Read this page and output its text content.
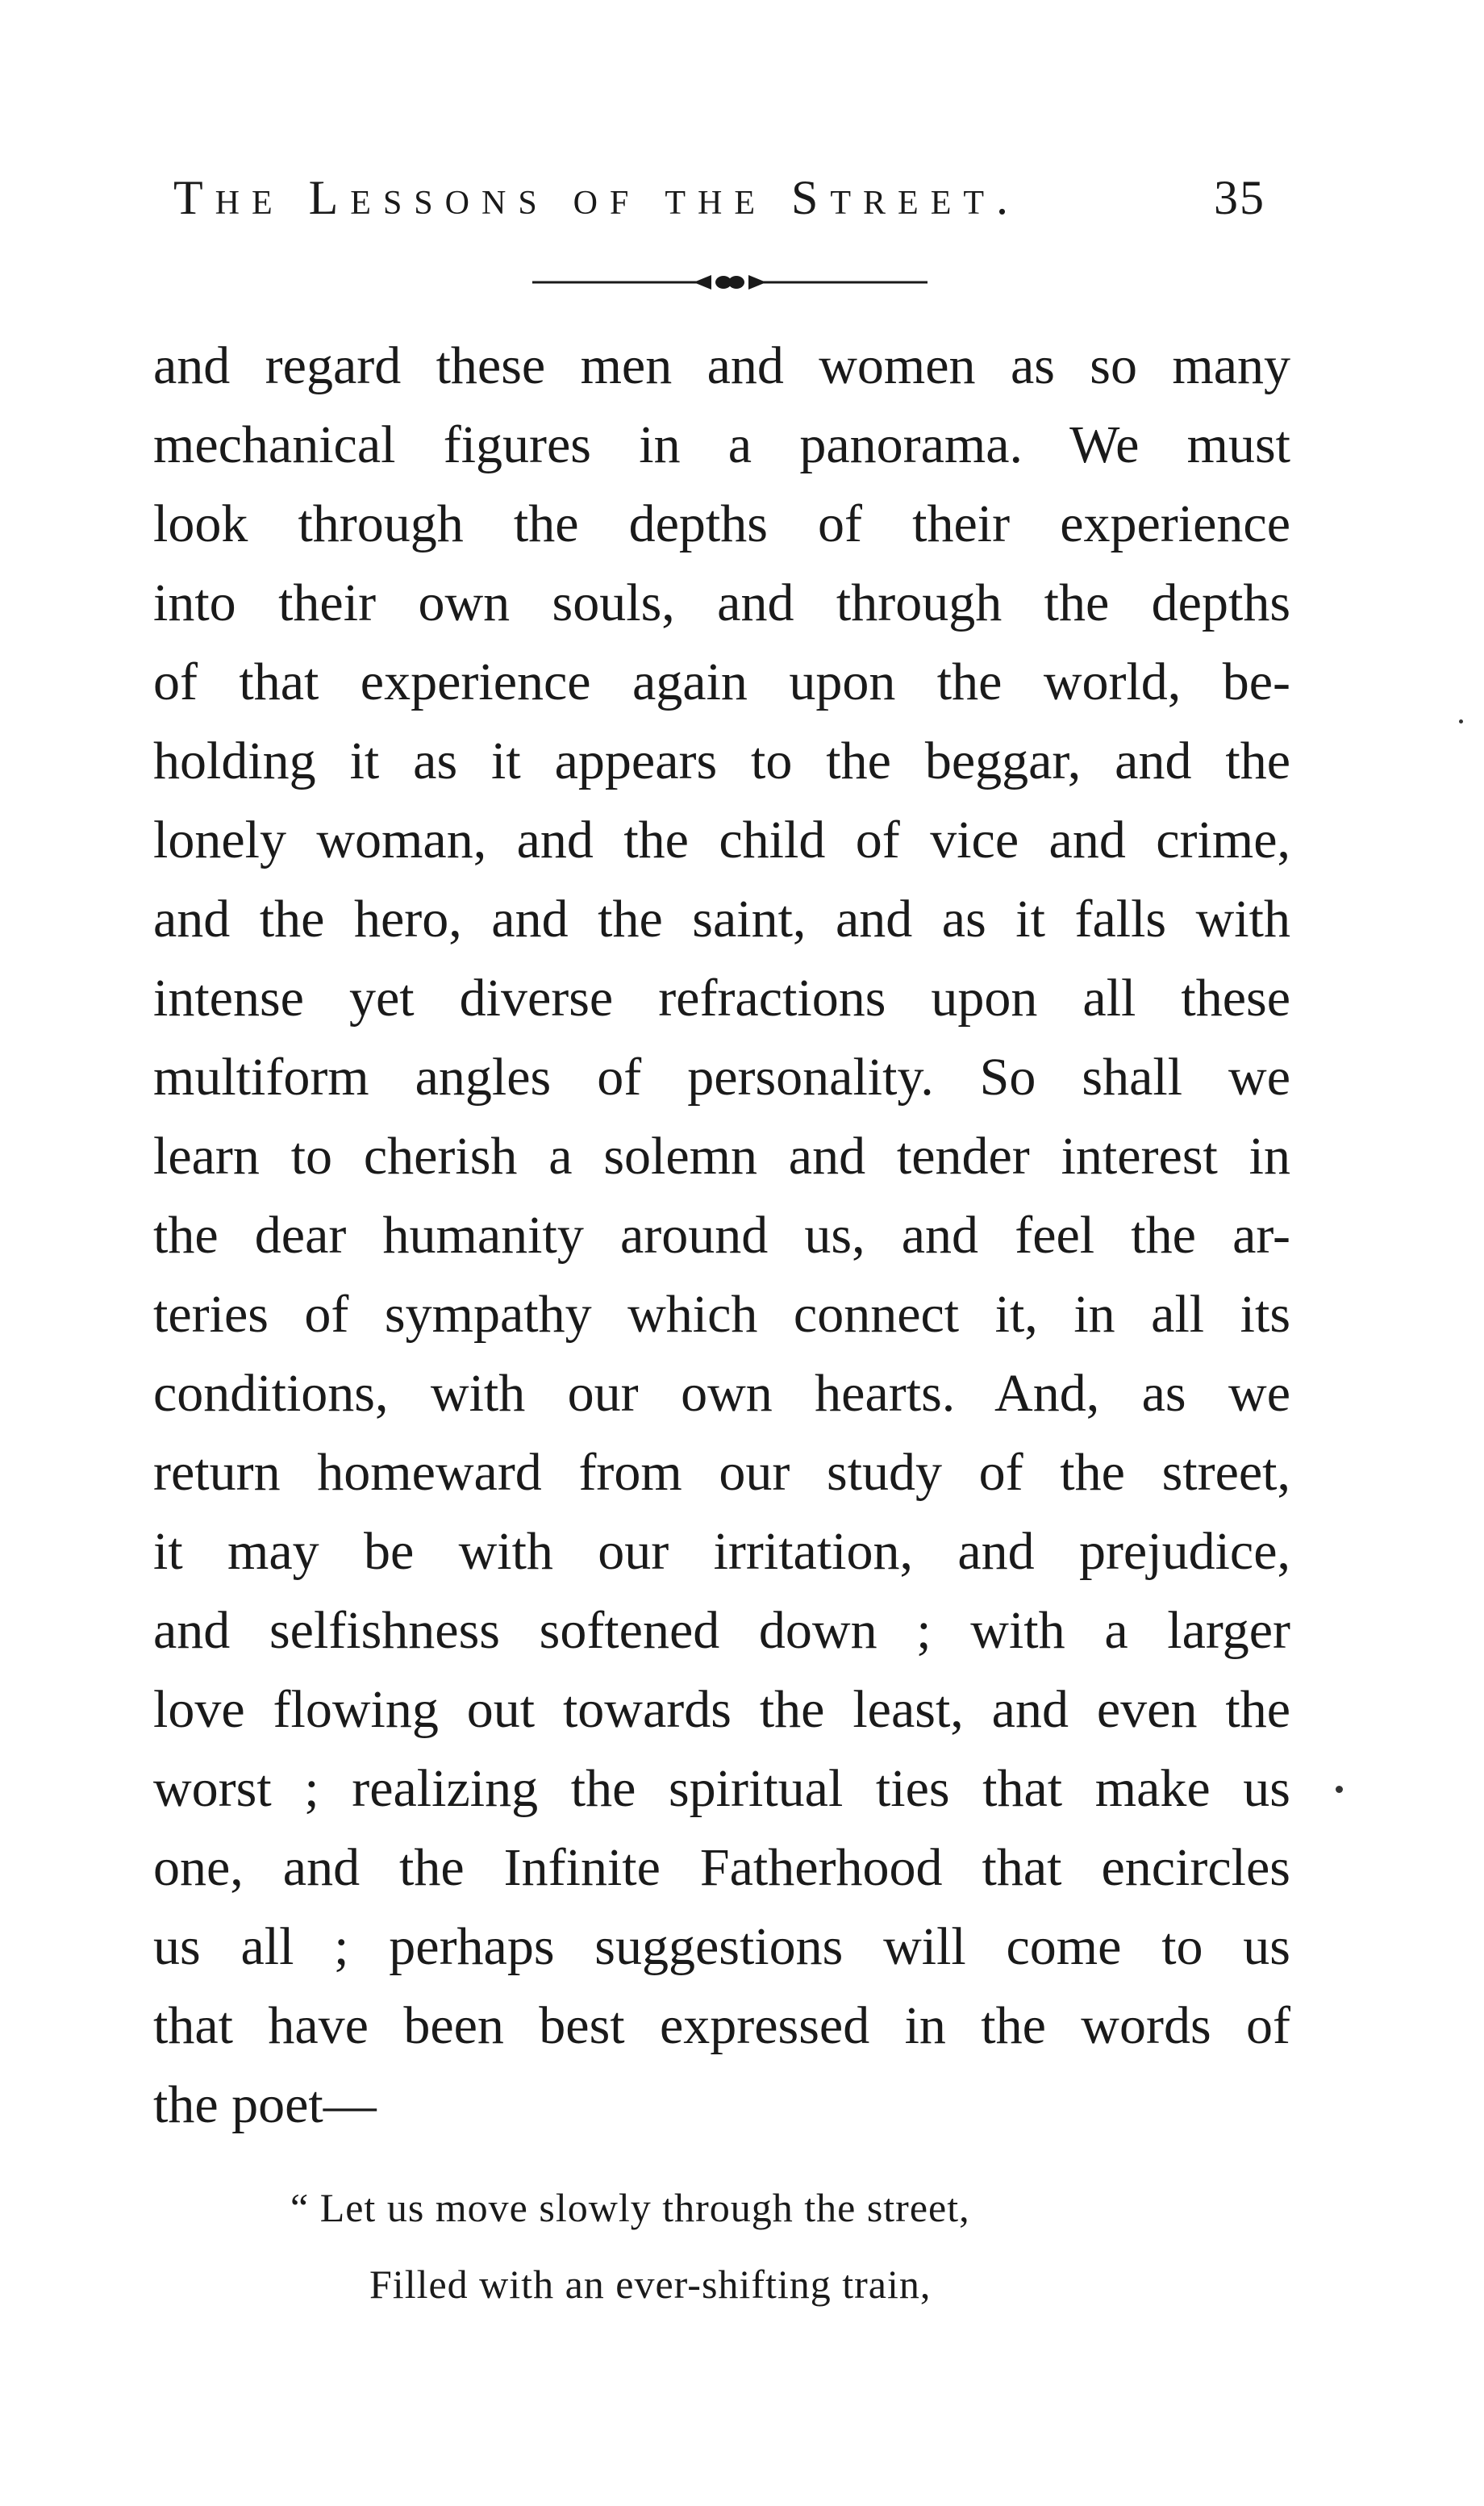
The Lessons of the Street.	35
and regard these men and women as so many
mechanical figures in a panorama. We must
look through the depths of their experience
into their own souls, and through the depths
of that experience again upon the world, be-
holding it as it appears to the beggar, and the
lonely woman, and the child of vice and crime,
and the hero, and the saint, and as it falls with
intense yet diverse refractions upon all these
multiform angles of personality. So shall we
learn to cherish a solemn and tender interest in
the dear humanity around us, and feel the ar-
teries of sympathy which connect it, in all its
conditions, with our own hearts. And, as we
return homeward from our study of the street,
it may be with our irritation, and prejudice,
and selfishness softened down ; with a larger
love flowing out towards the least, and even the
worst ; realizing the spiritual ties that make us
one, and the Infinite Fatherhood that encircles
us all ; perhaps suggestions will come to us
that have been best expressed in the words of
the poet—
“ Let us move slowly through the street,
Filled with an ever-shifting train,
